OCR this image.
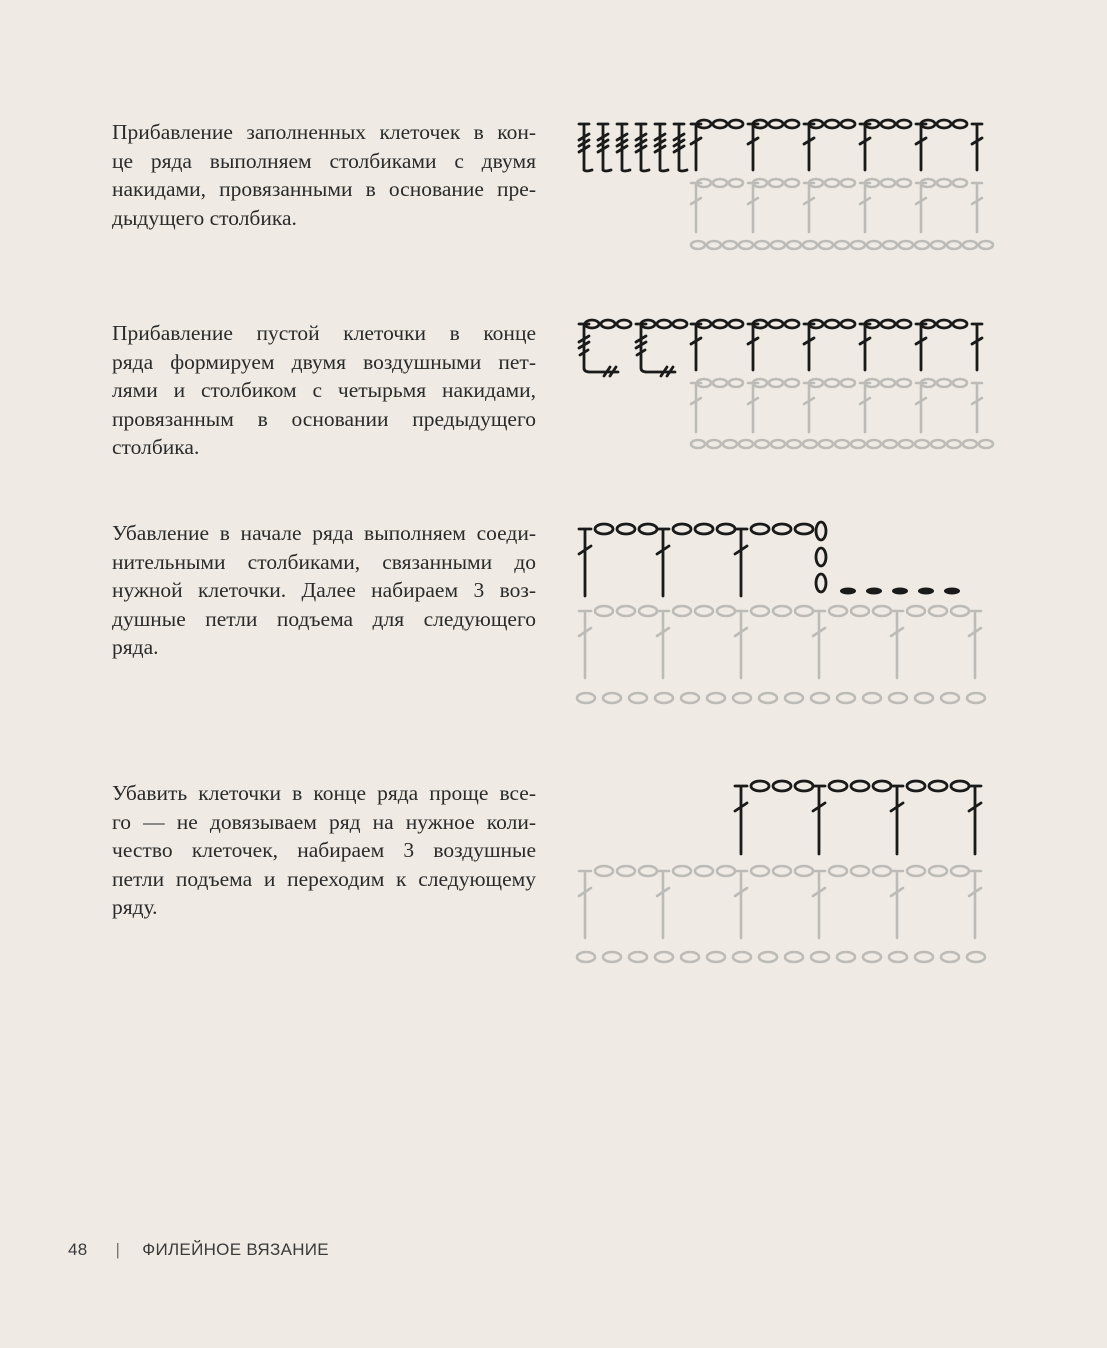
Прибавление заполненных клеточек в кон-
це ряда выполняем столбиками с двумя
накидами, провязанными в основание пре-
дыдущего столбика.
Прибавление пустой клеточки в конце
ряда формируем двумя воздушными пет-
лями и столбиком с четырьмя накидами,
провязанным в основании предыдущего
столбика.
Убавление в начале ряда выполняем соеди-
нительными столбиками, связанными до
нужной клеточки. Далее набираем 3 воз-
душные петли подъема для следующего
ряда.
Убавить клеточки в конце ряда проще все-
го — не довязываем ряд на нужное коли-
чество клеточек, набираем 3 воздушные
петли подъема и переходим к следующему
ряду.
48 | ФИЛЕЙНОЕ ВЯЗАНИЕ
